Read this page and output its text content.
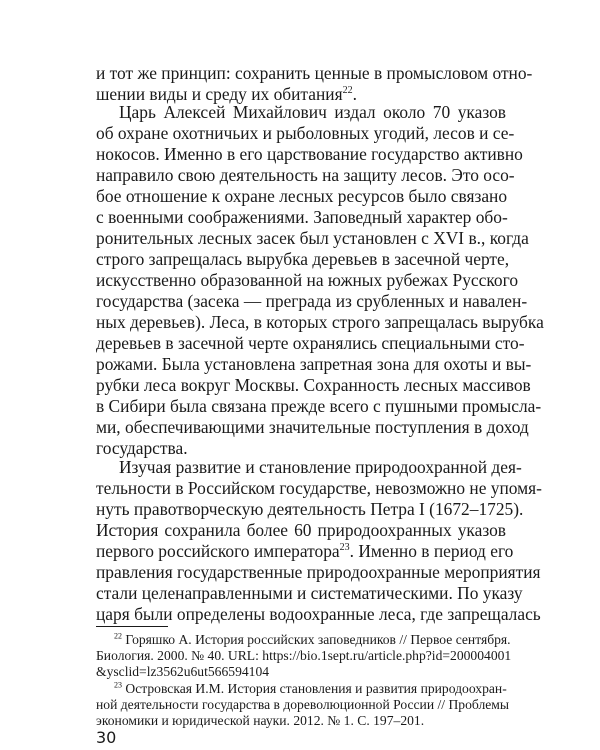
и тот же принцип: сохранить ценные в промысловом отно-
шении виды и среду их обитания$^{22}$.
Царь Алексей Михайлович издал около 70 указов
об охране охотничьих и рыболовных угодий, лесов и се-
нокосов. Именно в его царствование государство активно
направило свою деятельность на защиту лесов. Это осо-
бое отношение к охране лесных ресурсов было связано
с военными соображениями. Заповедный характер обо-
ронительных лесных засек был установлен с XVI в., когда
строго запрещалась вырубка деревьев в засечной черте,
искусственно образованной на южных рубежах Русского
государства (засека — преграда из срубленных и навален-
ных деревьев). Леса, в которых строго запрещалась вырубка
деревьев в засечной черте охранялись специальными сто-
рожами. Была установлена запретная зона для охоты и вы-
рубки леса вокруг Москвы. Сохранность лесных массивов
в Сибири была связана прежде всего с пушными промысла-
ми, обеспечивающими значительные поступления в доход
государства.
Изучая развитие и становление природоохранной дея-
тельности в Российском государстве, невозможно не упомя-
нуть правотворческую деятельность Петра I (1672–1725).
История сохранила более 60 природоохранных указов
первого российского императора$^{23}$. Именно в период его
правления государственные природоохранные мероприятия
стали целенаправленными и систематическими. По указу
царя были определены водоохранные леса, где запрещалась
$^{22}$ Горяшко А. История российских заповедников // Первое сентября.
Биология. 2000. № 40. URL: https://bio.1sept.ru/article.php?id=200004001
&ysclid=lz3562u6ut566594104
$^{23}$ Островская И.М. История становления и развития природоохран-
ной деятельности государства в дореволюционной России // Проблемы
экономики и юридической науки. 2012. № 1. С. 197–201.
30
